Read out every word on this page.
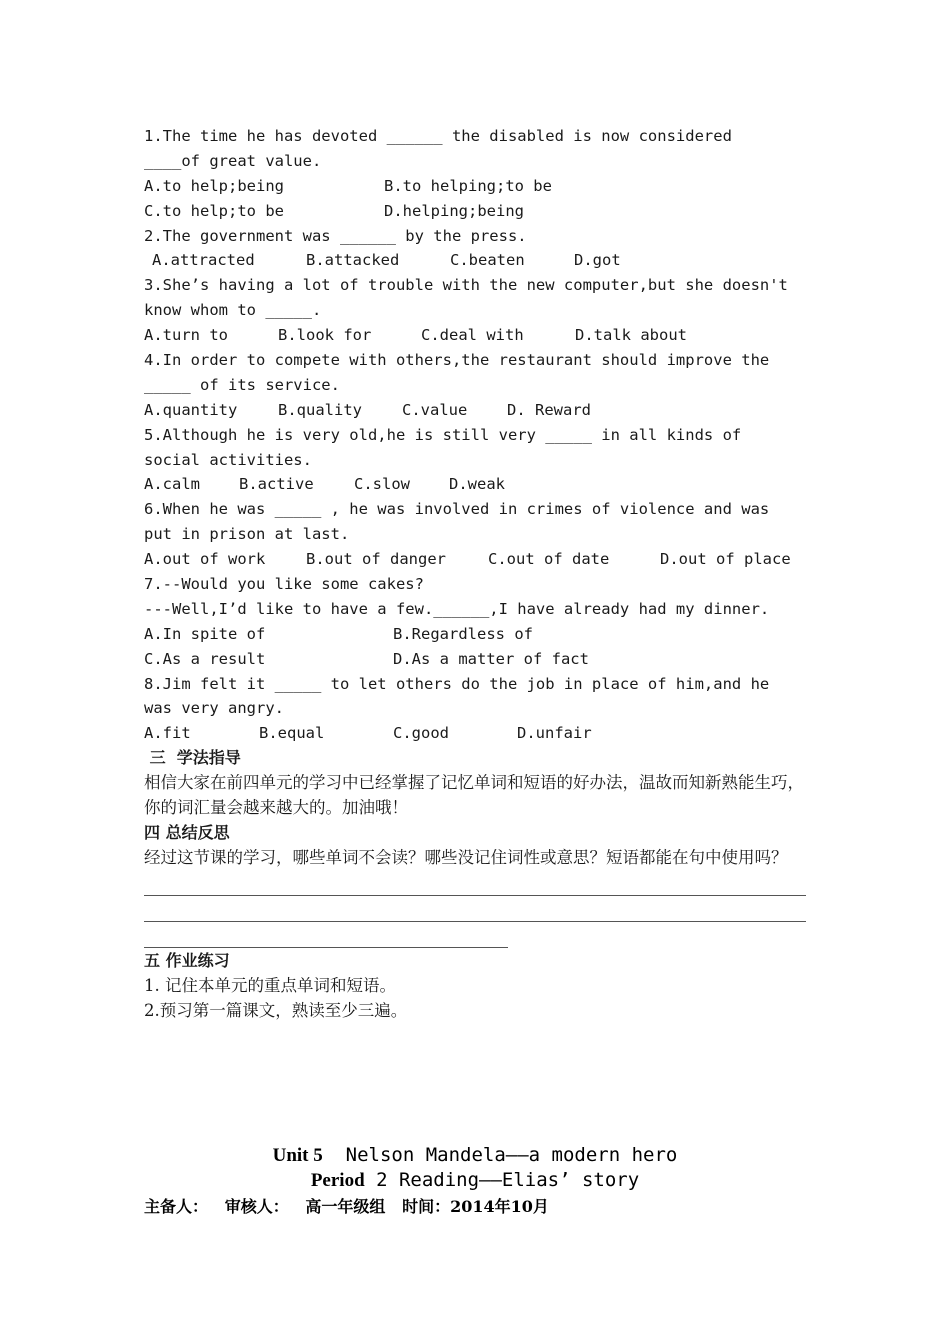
1.The time he has devoted ______ the disabled is now considered
____of great value.
A.to help;being	B.to helping;to be
C.to help;to be	D.helping;being
2.The government was ______ by the press.
A.attracted	B.attacked	C.beaten	D.got
3.She’s having a lot of trouble with the new computer,but she doesn't
know whom to _____.
A.turn to	B.look for	C.deal with	D.talk about
4.In order to compete with others,the restaurant should improve the
_____ of its service.
A.quantity	B.quality	C.value	D. Reward
5.Although he is very old,he is still very _____ in all kinds of
social activities.
A.calm	B.active	C.slow	D.weak
6.When he was _____ , he was involved in crimes of violence and was
put in prison at last.
A.out of work	B.out of danger	C.out of date	D.out of place
7.--Would you like some cakes?
---Well,I’d like to have a few.______,I have already had my dinner.
A.In spite of	B.Regardless of
C.As a result	D.As a matter of fact
8.Jim felt it _____ to let others do the job in place of him,and he
was very angry.
A.fit	B.equal	C.good	D.unfair
三  学法指导
相信大家在前四单元的学习中已经掌握了记忆单词和短语的好办法，温故而知新熟能生巧，你的词汇量会越来越大的。加油哦！
四 总结反思
经过这节课的学习，哪些单词不会读？哪些没记住词性或意思？短语都能在句中使用吗？
五 作业练习
1. 记住本单元的重点单词和短语。
2.预习第一篇课文，熟读至少三遍。
Unit 5  Nelson Mandela——a modern hero
Period 2 Reading——Elias’ story
主备人：   审核人：   高一年级组   时间：2014年10月
